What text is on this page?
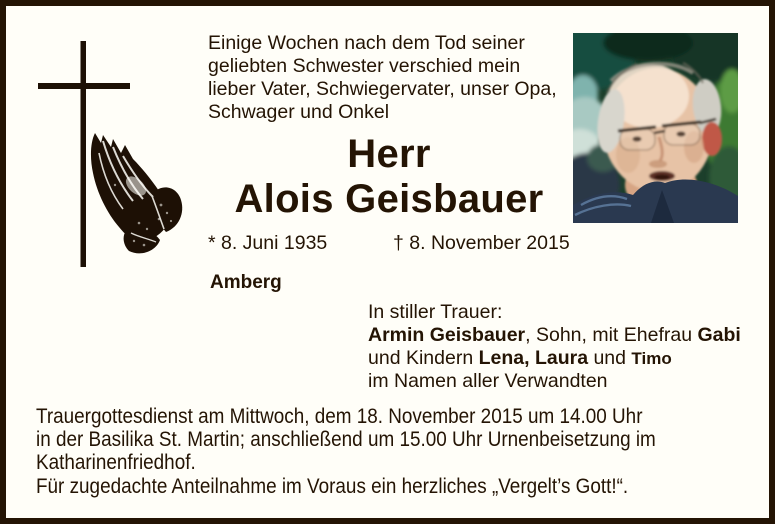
Einige Wochen nach dem Tod seiner
geliebten Schwester verschied mein
lieber Vater, Schwiegervater, unser Opa,
Schwager und Onkel
Herr
Alois Geisbauer
* 8. Juni 1935	† 8. November 2015
Amberg
In stiller Trauer:
Armin Geisbauer, Sohn, mit Ehefrau Gabi
und Kindern Lena, Laura und Timo
im Namen aller Verwandten
Trauergottesdienst am Mittwoch, dem 18. November 2015 um 14.00 Uhr
in der Basilika St. Martin; anschließend um 15.00 Uhr Urnenbeisetzung im
Katharinenfriedhof.
Für zugedachte Anteilnahme im Voraus ein herzliches „Vergelt’s Gott!“.
